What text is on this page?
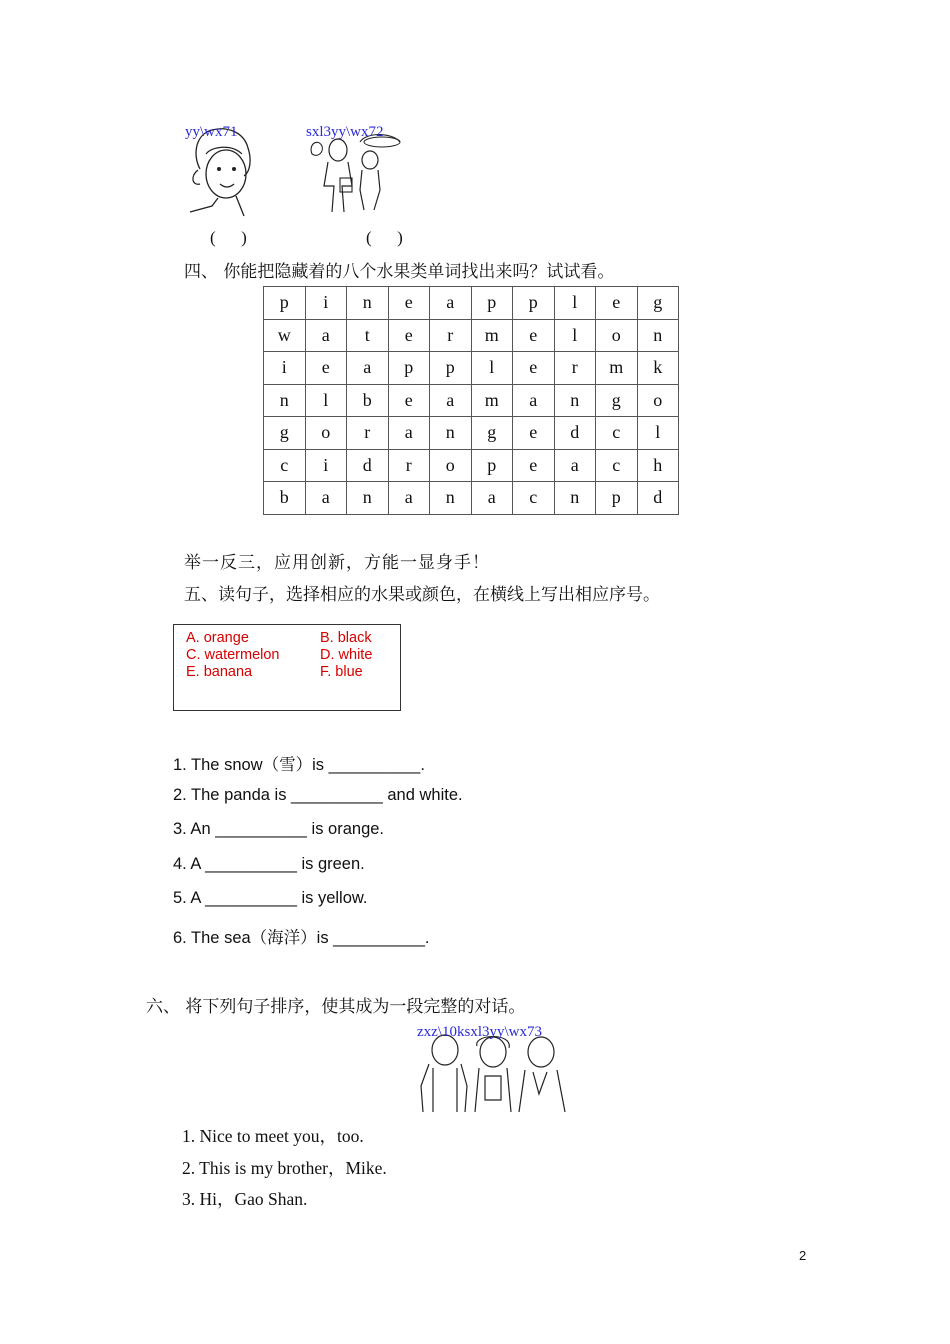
yy\wx71	sxl3yy\wx72
(      )	(      )
四、 你能把隐藏着的八个水果类单词找出来吗？试试看。
p	i	n	e	a	p	p	l	e	g
w	a	t	e	r	m	e	l	o	n
i	e	a	p	p	l	e	r	m	k
n	l	b	e	a	m	a	n	g	o
g	o	r	a	n	g	e	d	c	l
c	i	d	r	o	p	e	a	c	h
b	a	n	a	n	a	c	n	p	d
举一反三，应用创新，方能一显身手！
五、读句子，选择相应的水果或颜色，在横线上写出相应序号。
A. orange	B. black
C. watermelon	D. white
E. banana	F. blue
1. The snow（雪）is __________.
2. The panda is __________ and white.
3. An __________ is orange.
4. A __________ is green.
5. A __________ is yellow.
6. The sea（海洋）is __________.
六、 将下列句子排序，使其成为一段完整的对话。
zxz\10ksxl3yy\wx73
1. Nice to meet you，too.
2. This is my brother，Mike.
3. Hi，Gao Shan.
2
